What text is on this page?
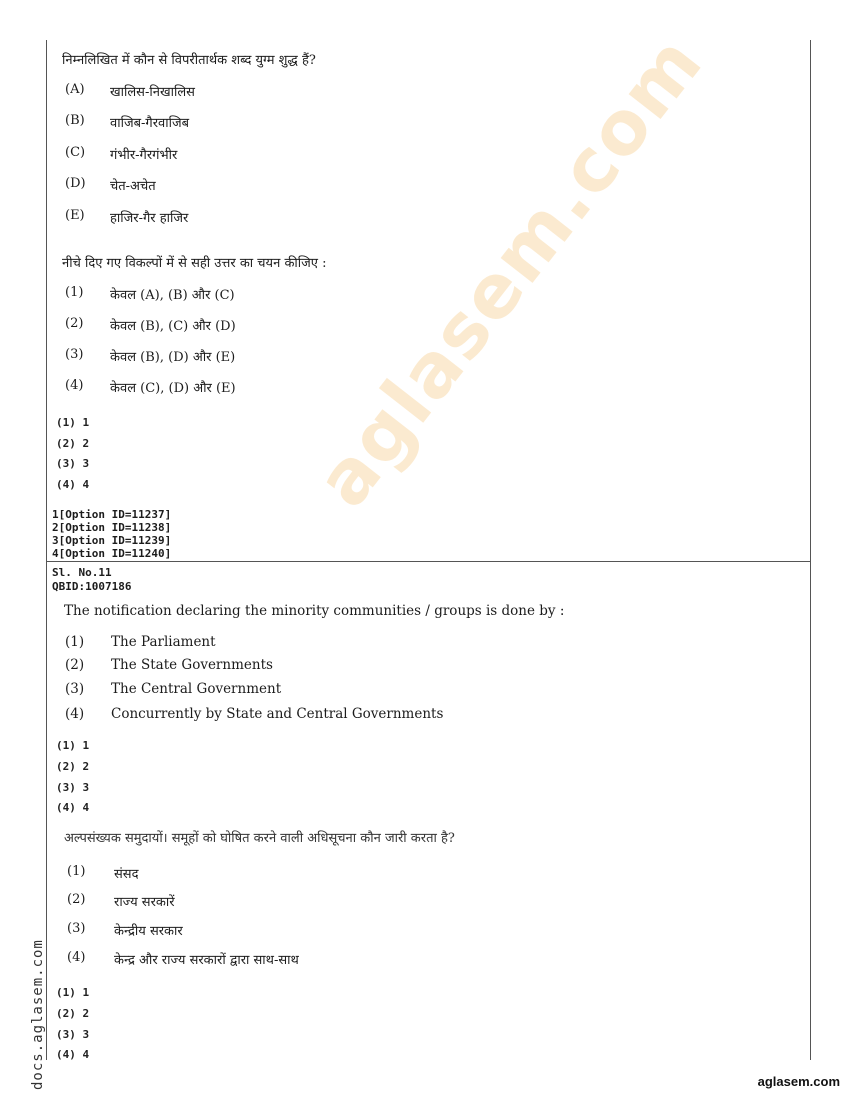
aglasem.com
निम्नलिखित में कौन से विपरीतार्थक शब्द युग्म शुद्ध हैं?
(A) खालिस-निखालिस
(B) वाजिब-गैरवाजिब
(C) गंभीर-गैरगंभीर
(D) चेत-अचेत
(E) हाजिर-गैर हाजिर
नीचे दिए गए विकल्पों में से सही उत्तर का चयन कीजिए :
(1) केवल (A), (B) और (C)
(2) केवल (B), (C) और (D)
(3) केवल (B), (D) और (E)
(4) केवल (C), (D) और (E)
(1) 1
(2) 2
(3) 3
(4) 4
1[Option ID=11237]
2[Option ID=11238]
3[Option ID=11239]
4[Option ID=11240]
Sl. No.11
QBID:1007186
The notification declaring the minority communities / groups is done by :
(1) The Parliament
(2) The State Governments
(3) The Central Government
(4) Concurrently by State and Central Governments
(1) 1
(2) 2
(3) 3
(4) 4
अल्पसंख्यक समुदायों। समूहों को घोषित करने वाली अधिसूचना कौन जारी करता है?
(1) संसद
(2) राज्य सरकारें
(3) केन्द्रीय सरकार
(4) केन्द्र और राज्य सरकारों द्वारा साथ-साथ
(1) 1
(2) 2
(3) 3
(4) 4
docs.aglasem.com	aglasem.com
